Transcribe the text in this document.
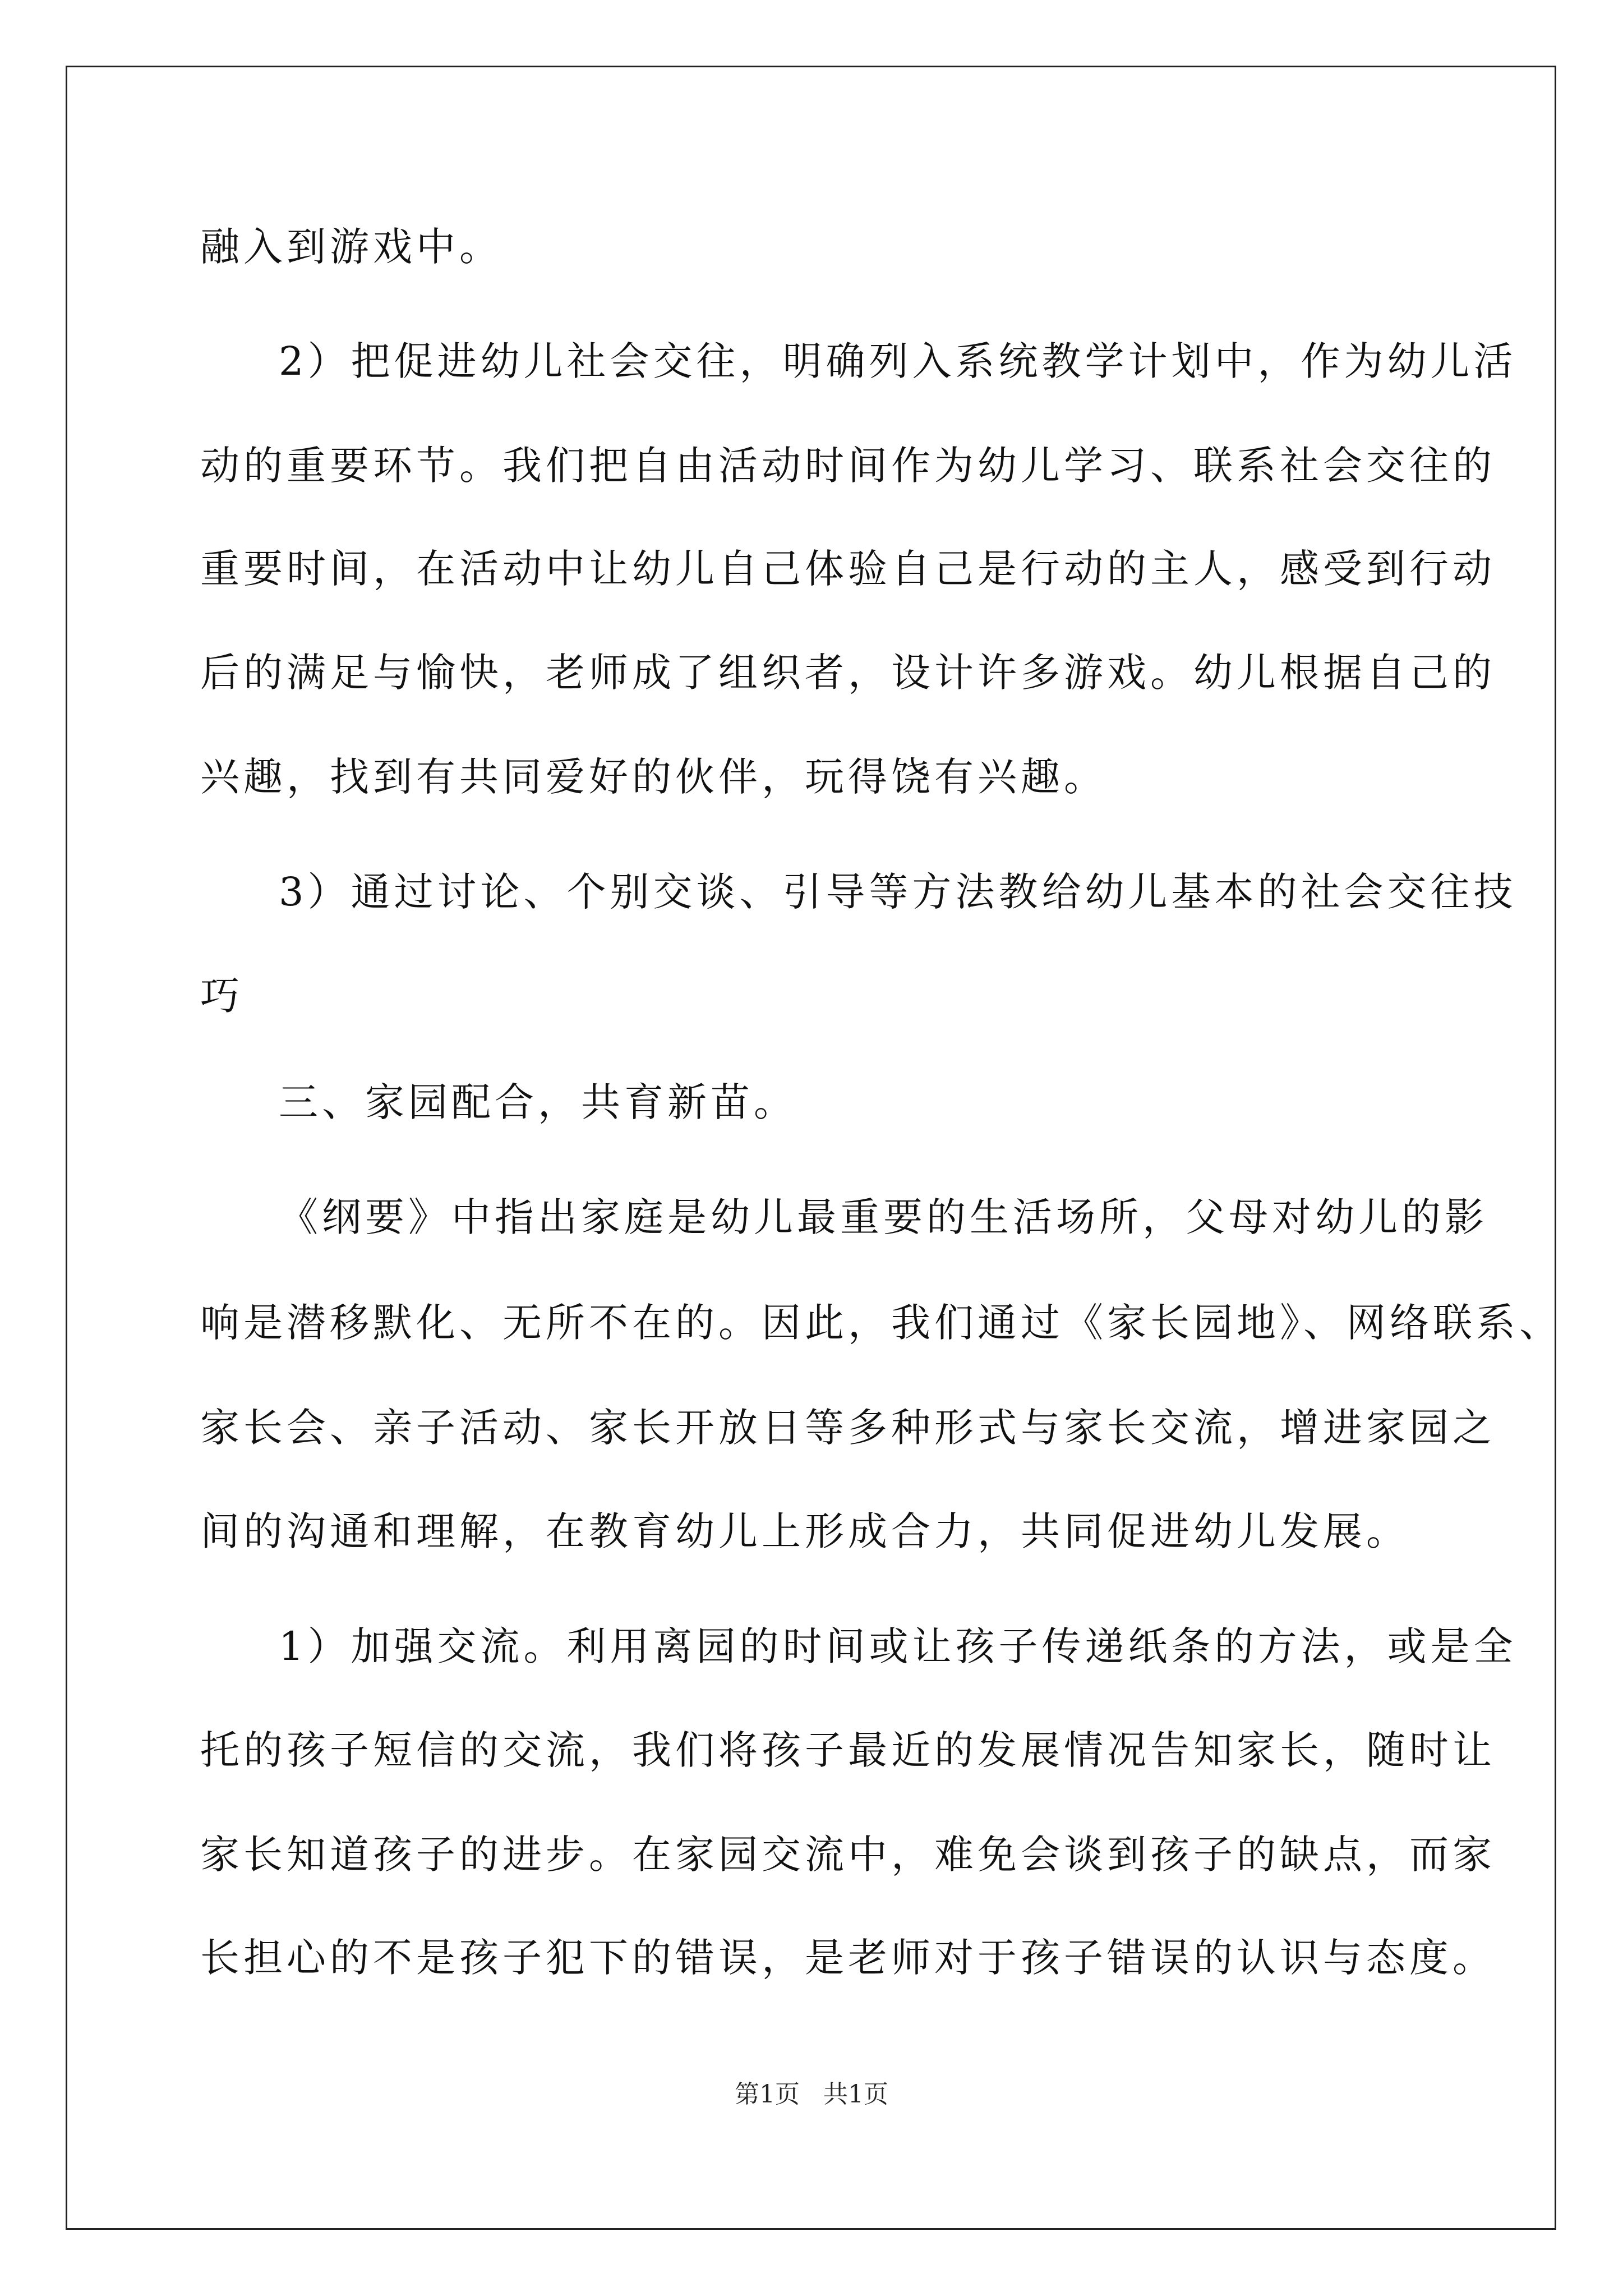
融入到游戏中。
2）把促进幼儿社会交往，明确列入系统教学计划中，作为幼儿活
动的重要环节。我们把自由活动时间作为幼儿学习、联系社会交往的
重要时间，在活动中让幼儿自己体验自己是行动的主人，感受到行动
后的满足与愉快，老师成了组织者，设计许多游戏。幼儿根据自己的
兴趣，找到有共同爱好的伙伴，玩得饶有兴趣。
3）通过讨论、个别交谈、引导等方法教给幼儿基本的社会交往技
巧
三、家园配合，共育新苗。
《纲要》中指出家庭是幼儿最重要的生活场所，父母对幼儿的影
响是潜移默化、无所不在的。因此，我们通过《家长园地》、网络联系、
家长会、亲子活动、家长开放日等多种形式与家长交流，增进家园之
间的沟通和理解，在教育幼儿上形成合力，共同促进幼儿发展。
1）加强交流。利用离园的时间或让孩子传递纸条的方法，或是全
托的孩子短信的交流，我们将孩子最近的发展情况告知家长，随时让
家长知道孩子的进步。在家园交流中，难免会谈到孩子的缺点，而家
长担心的不是孩子犯下的错误，是老师对于孩子错误的认识与态度。
第1页   共1页
